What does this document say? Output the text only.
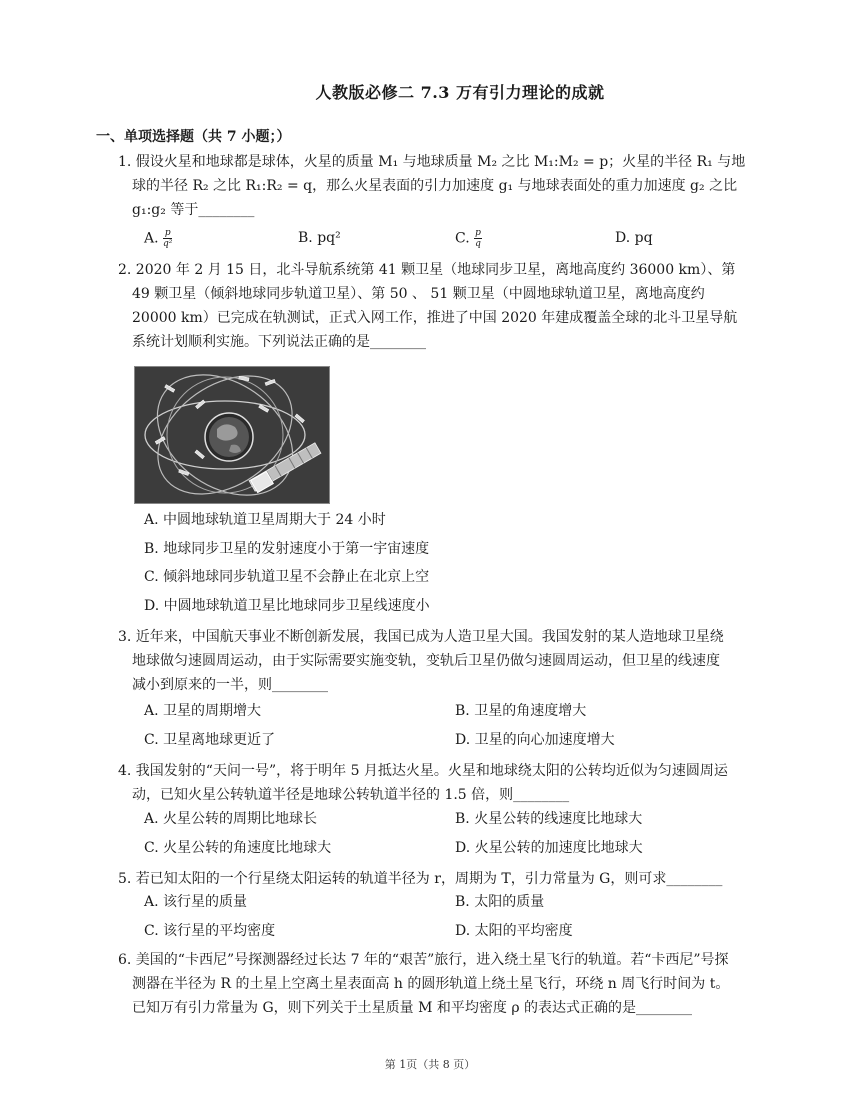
人教版必修二 7.3 万有引力理论的成就
一、单项选择题（共 7 小题；）
1. 假设火星和地球都是球体，火星的质量 M₁ 与地球质量 M₂ 之比 M₁:M₂ = p；火星的半径 R₁ 与地
球的半径 R₂ 之比 R₁:R₂ = q，那么火星表面的引力加速度 g₁ 与地球表面处的重力加速度 g₂ 之比
g₁:g₂ 等于________
A. $\frac{p}{\text{q²}}$	B. pq²	C. $\frac{p}{q}$	D. pq
2. 2020 年 2 月 15 日，北斗导航系统第 41 颗卫星（地球同步卫星，离地高度约 36000 km）、第
49 颗卫星（倾斜地球同步轨道卫星）、第 50 、 51 颗卫星（中圆地球轨道卫星，离地高度约
20000 km）已完成在轨测试，正式入网工作，推进了中国 2020 年建成覆盖全球的北斗卫星导航
系统计划顺利实施。下列说法正确的是________
A. 中圆地球轨道卫星周期大于 24 小时
B. 地球同步卫星的发射速度小于第一宇宙速度
C. 倾斜地球同步轨道卫星不会静止在北京上空
D. 中圆地球轨道卫星比地球同步卫星线速度小
3. 近年来，中国航天事业不断创新发展，我国已成为人造卫星大国。我国发射的某人造地球卫星绕
地球做匀速圆周运动，由于实际需要实施变轨，变轨后卫星仍做匀速圆周运动，但卫星的线速度
减小到原来的一半，则________
A. 卫星的周期增大	B. 卫星的角速度增大
C. 卫星离地球更近了	D. 卫星的向心加速度增大
4. 我国发射的“天问一号”，将于明年 5 月抵达火星。火星和地球绕太阳的公转均近似为匀速圆周运
动，已知火星公转轨道半径是地球公转轨道半径的 1.5 倍，则________
A. 火星公转的周期比地球长	B. 火星公转的线速度比地球大
C. 火星公转的角速度比地球大	D. 火星公转的加速度比地球大
5. 若已知太阳的一个行星绕太阳运转的轨道半径为 r，周期为 T，引力常量为 G，则可求________
A. 该行星的质量	B. 太阳的质量
C. 该行星的平均密度	D. 太阳的平均密度
6. 美国的“卡西尼”号探测器经过长达 7 年的“艰苦”旅行，进入绕土星飞行的轨道。若“卡西尼”号探
测器在半径为 R 的土星上空离土星表面高 h 的圆形轨道上绕土星飞行，环绕 n 周飞行时间为 t。
已知万有引力常量为 G，则下列关于土星质量 M 和平均密度 ρ 的表达式正确的是________
第 1页（共 8 页）
